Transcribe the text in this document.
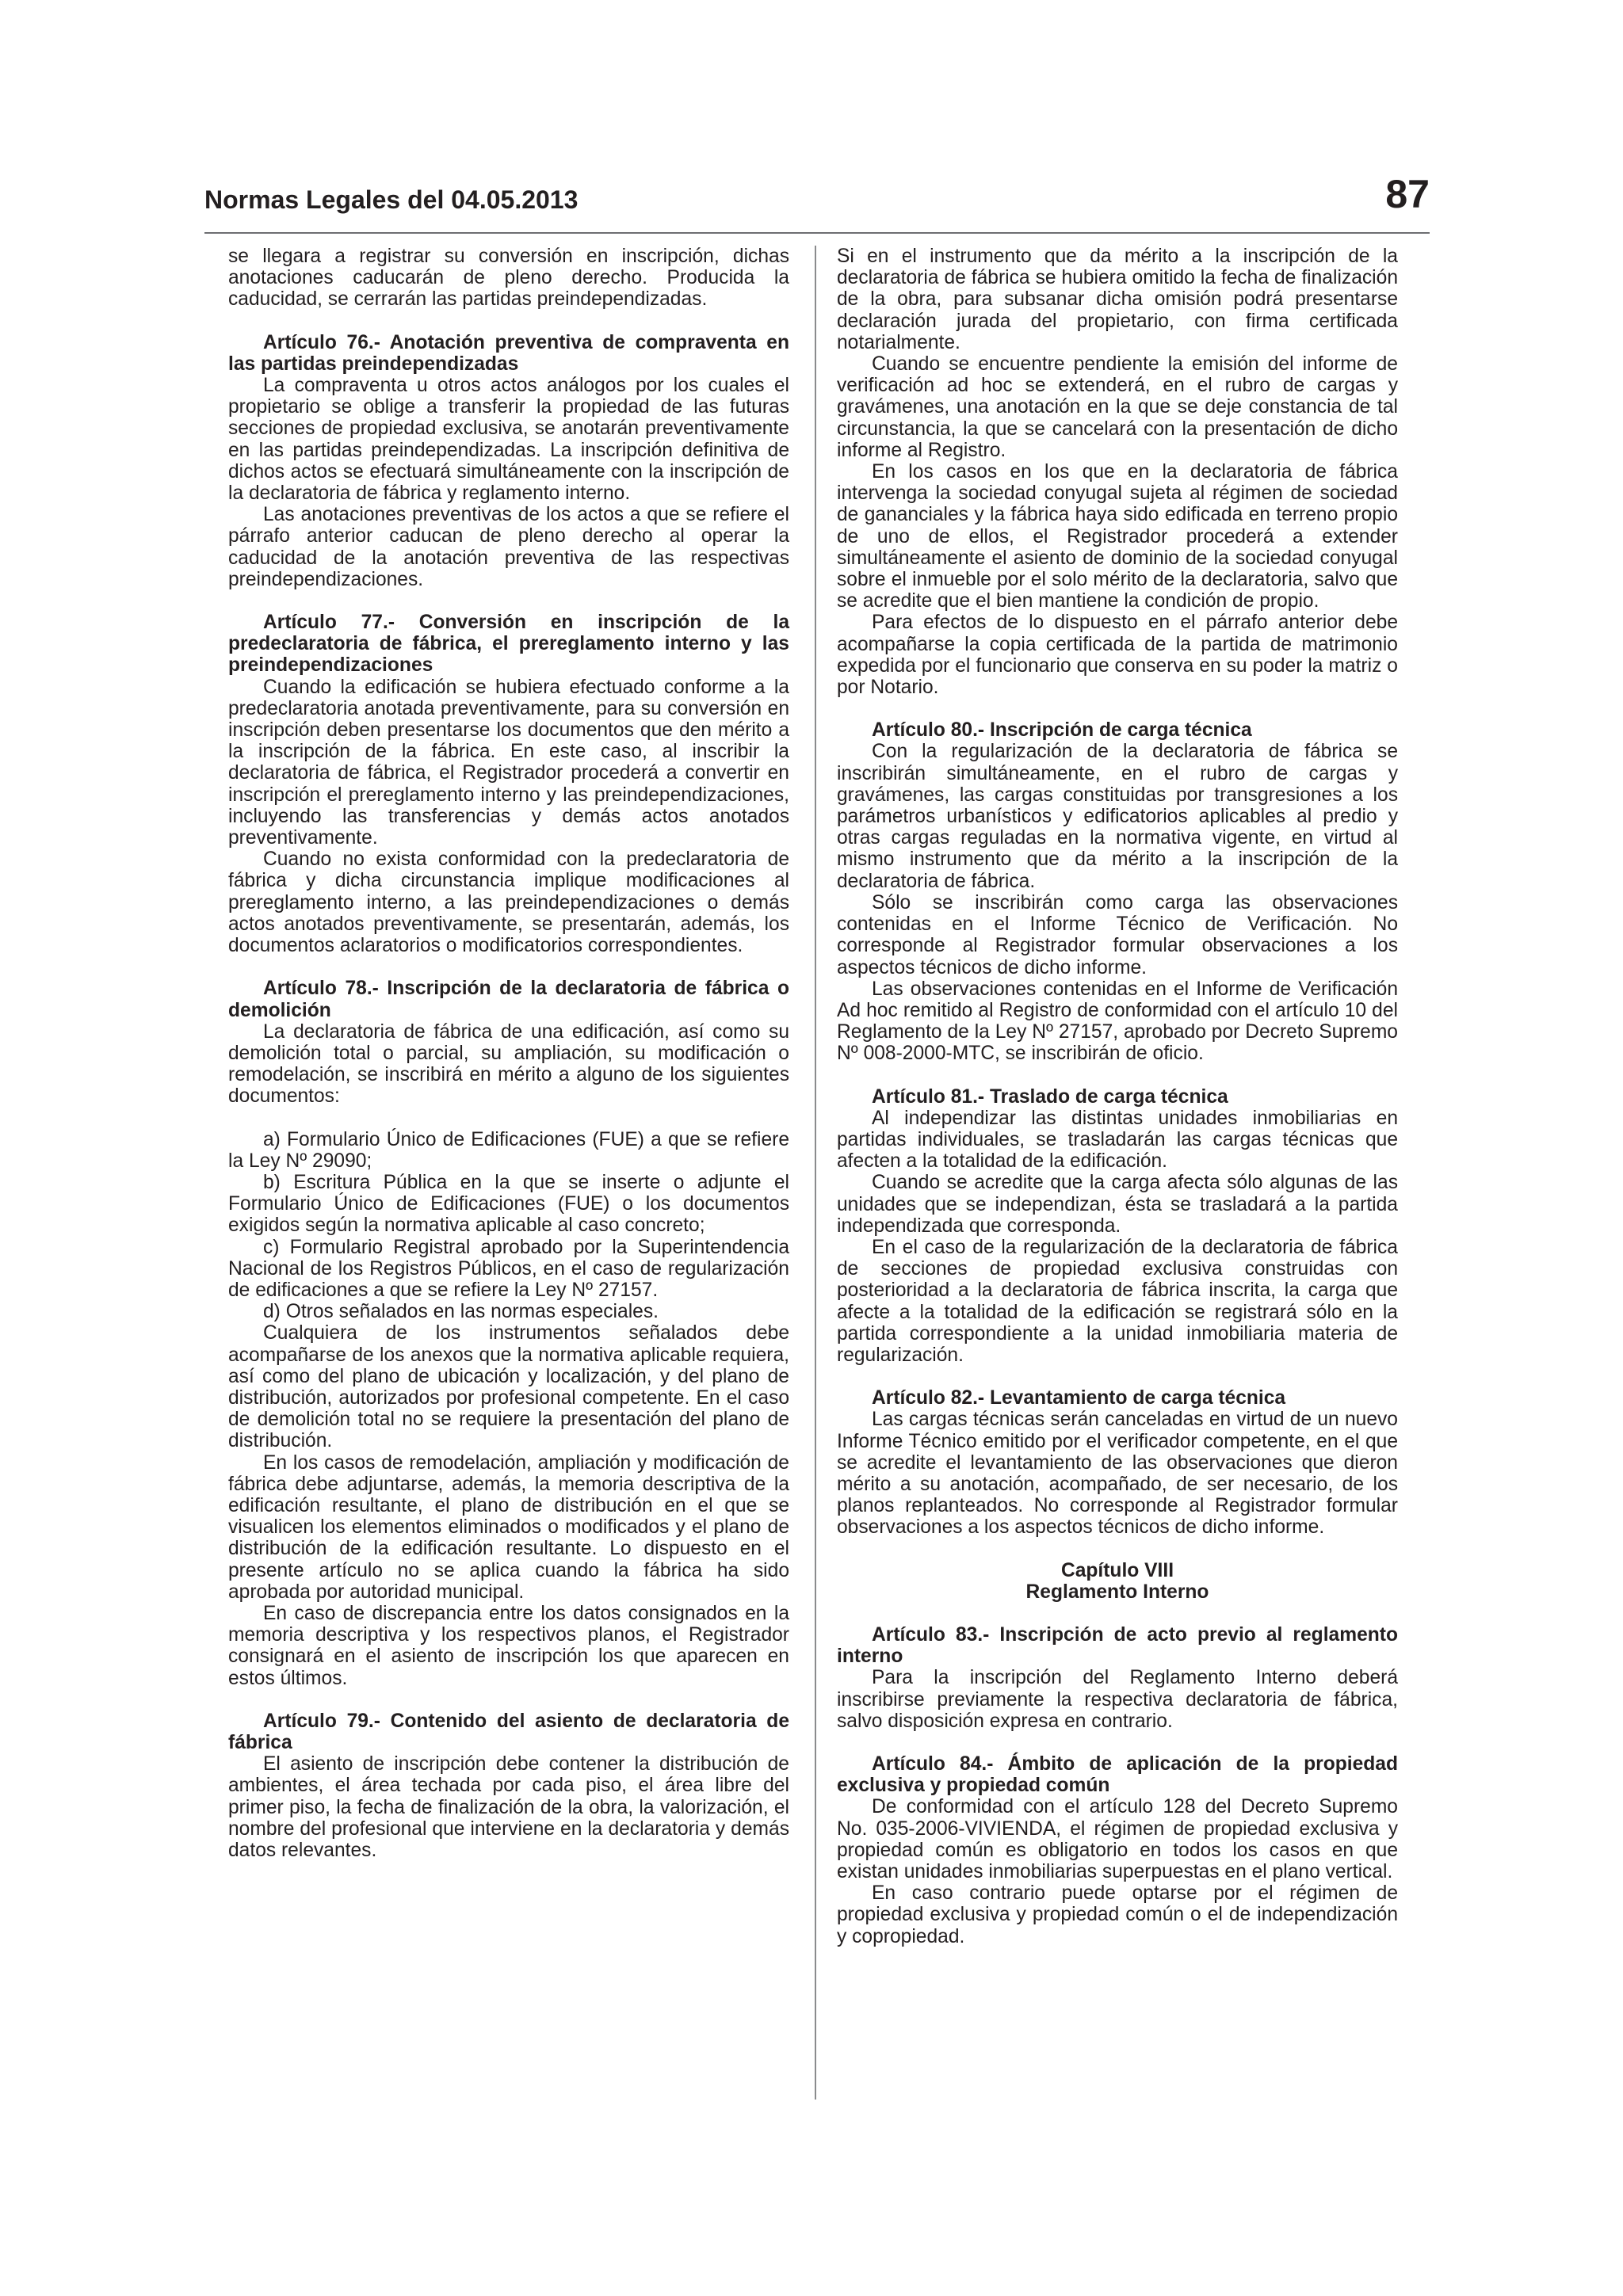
Normas Legales del 04.05.2013	87

se llegara a registrar su conversión en inscripción, dichas anotaciones caducarán de pleno derecho. Producida la caducidad, se cerrarán las partidas preindependizadas.

Artículo 76.- Anotación preventiva de compraventa en las partidas preindependizadas

La compraventa u otros actos análogos por los cuales el propietario se oblige a transferir la propiedad de las futuras secciones de propiedad exclusiva, se anotarán preventivamente en las partidas preindependizadas. La inscripción definitiva de dichos actos se efectuará simultáneamente con la inscripción de la declaratoria de fábrica y reglamento interno.

Las anotaciones preventivas de los actos a que se refiere el párrafo anterior caducan de pleno derecho al operar la caducidad de la anotación preventiva de las respectivas preindependizaciones.

Artículo 77.- Conversión en inscripción de la predeclaratoria de fábrica, el prereglamento interno y las preindependizaciones

Cuando la edificación se hubiera efectuado conforme a la predeclaratoria anotada preventivamente, para su conversión en inscripción deben presentarse los documentos que den mérito a la inscripción de la fábrica. En este caso, al inscribir la declaratoria de fábrica, el Registrador procederá a convertir en inscripción el prereglamento interno y las preindependizaciones, incluyendo las transferencias y demás actos anotados preventivamente.

Cuando no exista conformidad con la predeclaratoria de fábrica y dicha circunstancia implique modificaciones al prereglamento interno, a las preindependizaciones o demás actos anotados preventivamente, se presentarán, además, los documentos aclaratorios o modificatorios correspondientes.

Artículo 78.- Inscripción de la declaratoria de fábrica o demolición

La declaratoria de fábrica de una edificación, así como su demolición total o parcial, su ampliación, su modificación o remodelación, se inscribirá en mérito a alguno de los siguientes documentos:

a) Formulario Único de Edificaciones (FUE) a que se refiere la Ley Nº 29090;

b) Escritura Pública en la que se inserte o adjunte el Formulario Único de Edificaciones (FUE) o los documentos exigidos según la normativa aplicable al caso concreto;

c) Formulario Registral aprobado por la Superintendencia Nacional de los Registros Públicos, en el caso de regularización de edificaciones a que se refiere la Ley Nº 27157.

d) Otros señalados en las normas especiales.

Cualquiera de los instrumentos señalados debe acompañarse de los anexos que la normativa aplicable requiera, así como del plano de ubicación y localización, y del plano de distribución, autorizados por profesional competente. En el caso de demolición total no se requiere la presentación del plano de distribución.

En los casos de remodelación, ampliación y modificación de fábrica debe adjuntarse, además, la memoria descriptiva de la edificación resultante, el plano de distribución en el que se visualicen los elementos eliminados o modificados y el plano de distribución de la edificación resultante. Lo dispuesto en el presente artículo no se aplica cuando la fábrica ha sido aprobada por autoridad municipal.

En caso de discrepancia entre los datos consignados en la memoria descriptiva y los respectivos planos, el Registrador consignará en el asiento de inscripción los que aparecen en estos últimos.

Artículo 79.- Contenido del asiento de declaratoria de fábrica

El asiento de inscripción debe contener la distribución de ambientes, el área techada por cada piso, el área libre del primer piso, la fecha de finalización de la obra, la valorización, el nombre del profesional que interviene en la declaratoria y demás datos relevantes.

Si en el instrumento que da mérito a la inscripción de la declaratoria de fábrica se hubiera omitido la fecha de finalización de la obra, para subsanar dicha omisión podrá presentarse declaración jurada del propietario, con firma certificada notarialmente.

Cuando se encuentre pendiente la emisión del informe de verificación ad hoc se extenderá, en el rubro de cargas y gravámenes, una anotación en la que se deje constancia de tal circunstancia, la que se cancelará con la presentación de dicho informe al Registro.

En los casos en los que en la declaratoria de fábrica intervenga la sociedad conyugal sujeta al régimen de sociedad de gananciales y la fábrica haya sido edificada en terreno propio de uno de ellos, el Registrador procederá a extender simultáneamente el asiento de dominio de la sociedad conyugal sobre el inmueble por el solo mérito de la declaratoria, salvo que se acredite que el bien mantiene la condición de propio.

Para efectos de lo dispuesto en el párrafo anterior debe acompañarse la copia certificada de la partida de matrimonio expedida por el funcionario que conserva en su poder la matriz o por Notario.

Artículo 80.- Inscripción de carga técnica

Con la regularización de la declaratoria de fábrica se inscribirán simultáneamente, en el rubro de cargas y gravámenes, las cargas constituidas por transgresiones a los parámetros urbanísticos y edificatorios aplicables al predio y otras cargas reguladas en la normativa vigente, en virtud al mismo instrumento que da mérito a la inscripción de la declaratoria de fábrica.

Sólo se inscribirán como carga las observaciones contenidas en el Informe Técnico de Verificación. No corresponde al Registrador formular observaciones a los aspectos técnicos de dicho informe.

Las observaciones contenidas en el Informe de Verificación Ad hoc remitido al Registro de conformidad con el artículo 10 del Reglamento de la Ley Nº 27157, aprobado por Decreto Supremo Nº 008-2000-MTC, se inscribirán de oficio.

Artículo 81.- Traslado de carga técnica

Al independizar las distintas unidades inmobiliarias en partidas individuales, se trasladarán las cargas técnicas que afecten a la totalidad de la edificación.

Cuando se acredite que la carga afecta sólo algunas de las unidades que se independizan, ésta se trasladará a la partida independizada que corresponda.

En el caso de la regularización de la declaratoria de fábrica de secciones de propiedad exclusiva construidas con posterioridad a la declaratoria de fábrica inscrita, la carga que afecte a la totalidad de la edificación se registrará sólo en la partida correspondiente a la unidad inmobiliaria materia de regularización.

Artículo 82.- Levantamiento de carga técnica

Las cargas técnicas serán canceladas en virtud de un nuevo Informe Técnico emitido por el verificador competente, en el que se acredite el levantamiento de las observaciones que dieron mérito a su anotación, acompañado, de ser necesario, de los planos replanteados. No corresponde al Registrador formular observaciones a los aspectos técnicos de dicho informe.

Capítulo VIII
Reglamento Interno

Artículo 83.- Inscripción de acto previo al reglamento interno

Para la inscripción del Reglamento Interno deberá inscribirse previamente la respectiva declaratoria de fábrica, salvo disposición expresa en contrario.

Artículo 84.- Ámbito de aplicación de la propiedad exclusiva y propiedad común

De conformidad con el artículo 128 del Decreto Supremo No. 035-2006-VIVIENDA, el régimen de propiedad exclusiva y propiedad común es obligatorio en todos los casos en que existan unidades inmobiliarias superpuestas en el plano vertical.

En caso contrario puede optarse por el régimen de propiedad exclusiva y propiedad común o el de independización y copropiedad.
